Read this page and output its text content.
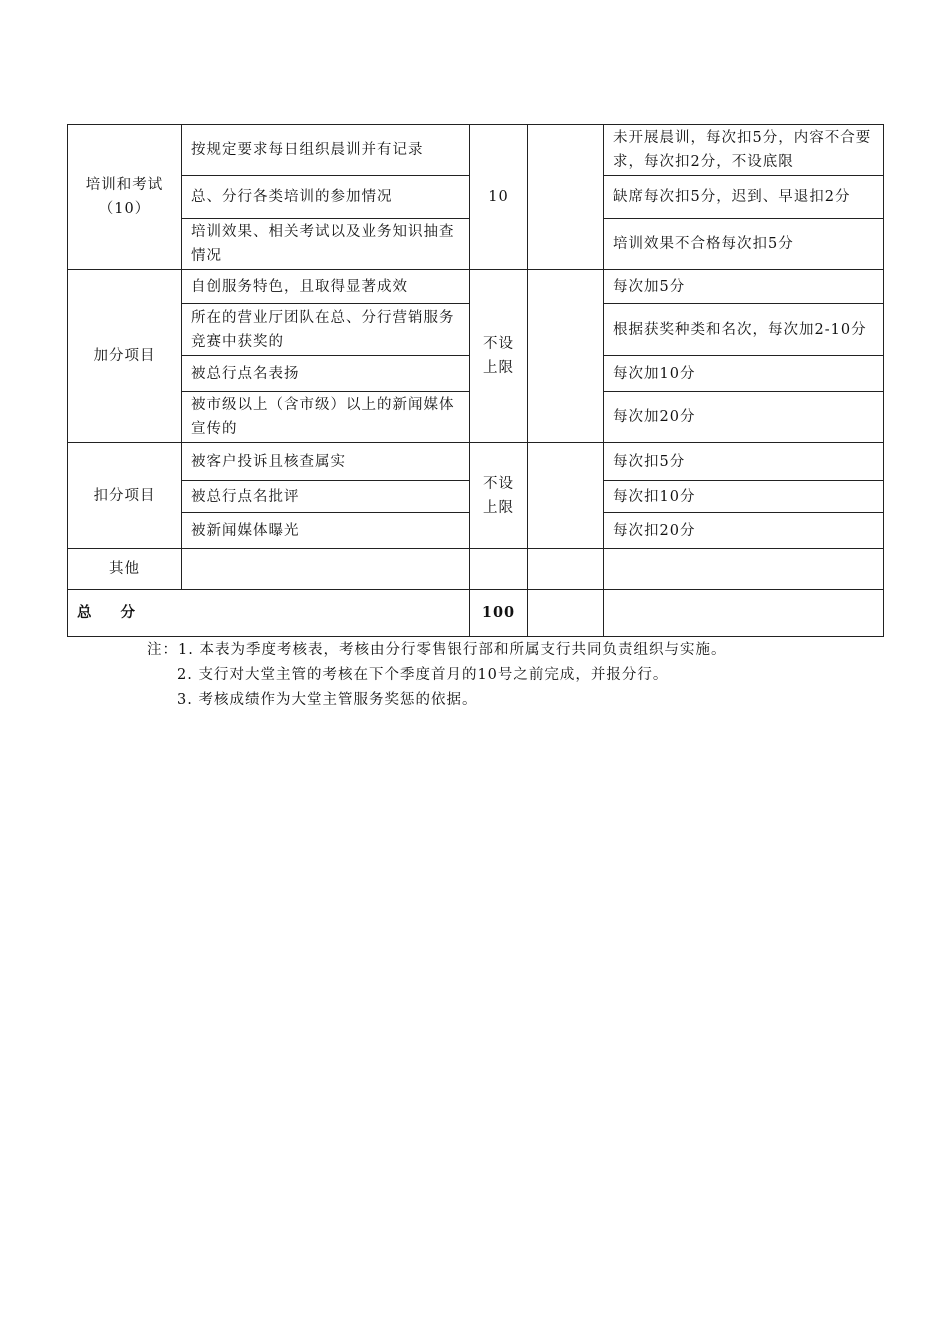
培训和考试（10）	按规定要求每日组织晨训并有记录	10		未开展晨训，每次扣5分，内容不合要求，每次扣2分，不设底限
	总、分行各类培训的参加情况			缺席每次扣5分，迟到、早退扣2分
	培训效果、相关考试以及业务知识抽查情况			培训效果不合格每次扣5分
加分项目	自创服务特色，且取得显著成效	不设上限		每次加5分
	所在的营业厅团队在总、分行营销服务竞赛中获奖的			根据获奖种类和名次，每次加2-10分
	被总行点名表扬			每次加10分
	被市级以上（含市级）以上的新闻媒体宣传的			每次加20分
扣分项目	被客户投诉且核查属实	不设上限		每次扣5分
	被总行点名批评			每次扣10分
	被新闻媒体曝光			每次扣20分
其他				
总 分		100		
注：1. 本表为季度考核表，考核由分行零售银行部和所属支行共同负责组织与实施。
2. 支行对大堂主管的考核在下个季度首月的10号之前完成，并报分行。
3. 考核成绩作为大堂主管服务奖惩的依据。
